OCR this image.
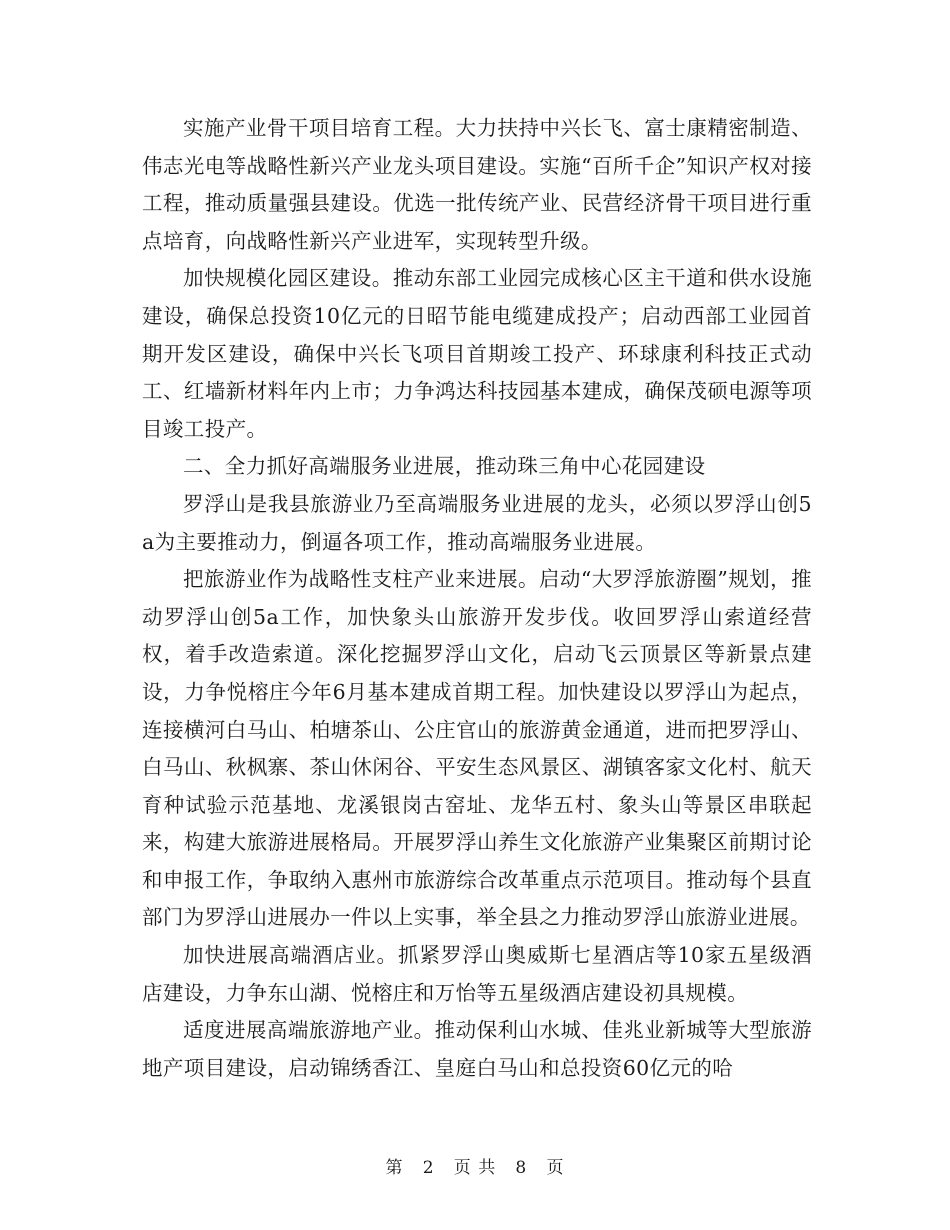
实施产业骨干项目培育工程。大力扶持中兴长飞、富士康精密制造、伟志光电等战略性新兴产业龙头项目建设。实施“百所千企”知识产权对接工程，推动质量强县建设。优选一批传统产业、民营经济骨干项目进行重点培育，向战略性新兴产业进军，实现转型升级。

加快规模化园区建设。推动东部工业园完成核心区主干道和供水设施建设，确保总投资10亿元的日昭节能电缆建成投产；启动西部工业园首期开发区建设，确保中兴长飞项目首期竣工投产、环球康利科技正式动工、红墙新材料年内上市；力争鸿达科技园基本建成，确保茂硕电源等项目竣工投产。

二、全力抓好高端服务业进展，推动珠三角中心花园建设

罗浮山是我县旅游业乃至高端服务业进展的龙头，必须以罗浮山创5a为主要推动力，倒逼各项工作，推动高端服务业进展。

把旅游业作为战略性支柱产业来进展。启动“大罗浮旅游圈”规划，推动罗浮山创5a工作，加快象头山旅游开发步伐。收回罗浮山索道经营权，着手改造索道。深化挖掘罗浮山文化，启动飞云顶景区等新景点建设，力争悦榕庄今年6月基本建成首期工程。加快建设以罗浮山为起点，连接横河白马山、柏塘茶山、公庄官山的旅游黄金通道，进而把罗浮山、白马山、秋枫寨、茶山休闲谷、平安生态风景区、湖镇客家文化村、航天育种试验示范基地、龙溪银岗古窑址、龙华五村、象头山等景区串联起来，构建大旅游进展格局。开展罗浮山养生文化旅游产业集聚区前期讨论和申报工作，争取纳入惠州市旅游综合改革重点示范项目。推动每个县直部门为罗浮山进展办一件以上实事，举全县之力推动罗浮山旅游业进展。

加快进展高端酒店业。抓紧罗浮山奥威斯七星酒店等10家五星级酒店建设，力争东山湖、悦榕庄和万怡等五星级酒店建设初具规模。

适度进展高端旅游地产业。推动保利山水城、佳兆业新城等大型旅游地产项目建设，启动锦绣香江、皇庭白马山和总投资60亿元的哈

第 2 页 共 8 页
